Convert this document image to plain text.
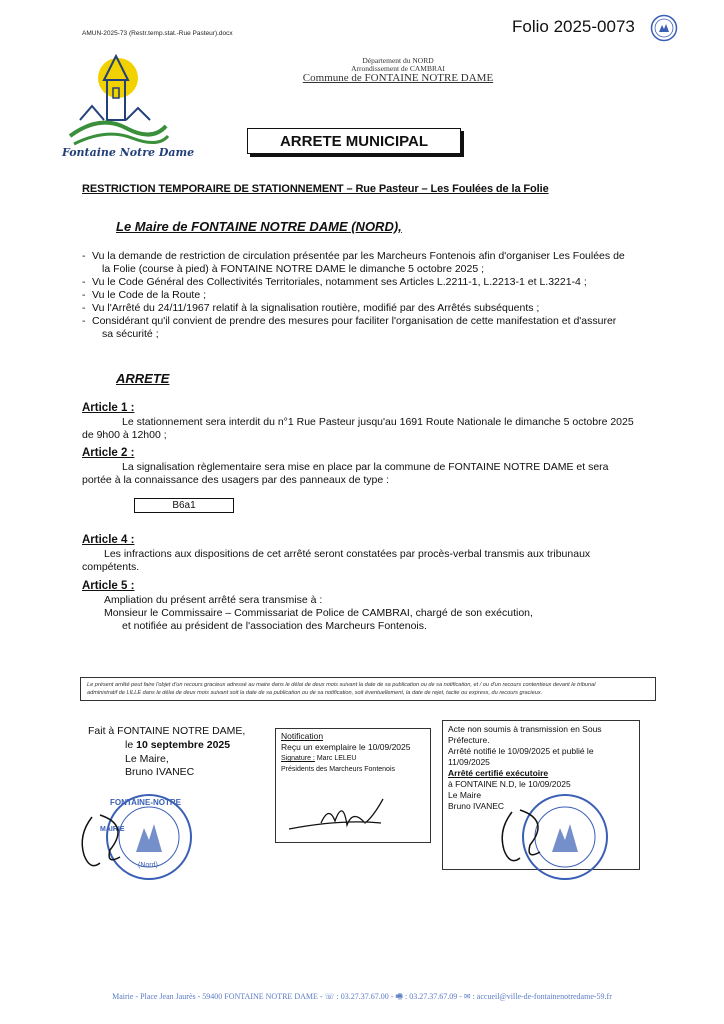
AMUN-2025-73 (Restr.temp.stat.-Rue Pasteur).docx	Folio 2025-0073
Fontaine Notre Dame
Département du NORD
Arrondissement de CAMBRAI
Commune de FONTAINE NOTRE DAME
ARRETE MUNICIPAL
RESTRICTION TEMPORAIRE DE STATIONNEMENT – Rue Pasteur – Les Foulées de la Folie
Le Maire de FONTAINE NOTRE DAME (NORD),
- Vu la demande de restriction de circulation présentée par les Marcheurs Fontenois afin d'organiser Les Foulées de
la Folie (course à pied) à FONTAINE NOTRE DAME le dimanche 5 octobre 2025 ;
- Vu le Code Général des Collectivités Territoriales, notamment ses Articles L.2211-1, L.2213-1 et L.3221-4 ;
- Vu le Code de la Route ;
- Vu l'Arrêté du 24/11/1967 relatif à la signalisation routière, modifié par des Arrêtés subséquents ;
- Considérant qu'il convient de prendre des mesures pour faciliter l'organisation de cette manifestation et d'assurer
sa sécurité ;
ARRETE
Article 1 :
Le stationnement sera interdit du n°1 Rue Pasteur jusqu'au 1691 Route Nationale le dimanche 5 octobre 2025
de 9h00 à 12h00 ;
Article 2 :
La signalisation règlementaire sera mise en place par la commune de FONTAINE NOTRE DAME et sera
portée à la connaissance des usagers par des panneaux de type :
B6a1
Article 4 :
Les infractions aux dispositions de cet arrêté seront constatées par procès-verbal transmis aux tribunaux
compétents.
Article 5 :
Ampliation du présent arrêté sera transmise à :
Monsieur le Commissaire – Commissariat de Police de CAMBRAI, chargé de son exécution,
et notifiée au président de l'association des Marcheurs Fontenois.
Le présent arrêté peut faire l'objet d'un recours gracieux adressé au maire dans le délai de deux mois suivant la date de sa publication ou de sa notification, et / ou d'un recours contentieux devant le tribunal
administratif de LILLE dans le délai de deux mois suivant soit la date de sa publication ou de sa notification, soit éventuellement, la date de rejet, tacite ou express, du recours gracieux.
Fait à FONTAINE NOTRE DAME,
le 10 septembre 2025
Le Maire,
Bruno IVANEC
FONTAINE-NOTRE
MAIRIE
(Nord)
Notification
Reçu un exemplaire le 10/09/2025
Signature : Marc LELEU
Présidents des Marcheurs Fontenois
Acte non soumis à transmission en Sous Préfecture.
Arrêté notifié le 10/09/2025 et publié le 11/09/2025
Arrêté certifié exécutoire
à FONTAINE N.D, le 10/09/2025
Le Maire
Bruno IVANEC
Mairie - Place Jean Jaurès - 59400 FONTAINE NOTRE DAME - ☏ : 03.27.37.67.00 - 🖷 : 03.27.37.67.09 - ✉ : accueil@ville-de-fontainenotredame-59.fr
